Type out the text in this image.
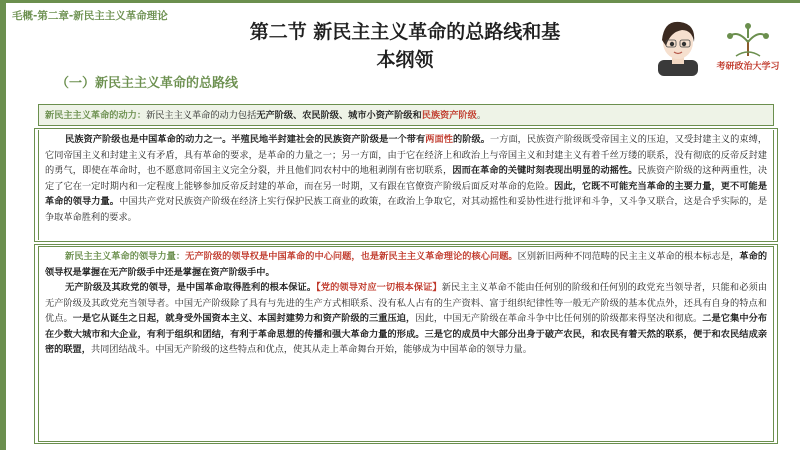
毛概-第二章-新民主主义革命理论
第二节 新民主主义革命的总路线和基
本纲领
（一）新民主主义革命的总路线
考研政治大学习
新民主主义革命的动力：新民主主义革命的动力包括无产阶级、农民阶级、城市小资产阶级和民族资产阶级。
民族资产阶级也是中国革命的动力之一。半殖民地半封建社会的民族资产阶级是一个带有两面性的阶级。一方面，民族资产阶级既受帝国主义的压迫，又受封建主义的束缚，它同帝国主义和封建主义有矛盾，具有革命的要求，是革命的力量之一；另一方面，由于它在经济上和政治上与帝国主义和封建主义有着千丝万缕的联系，没有彻底的反帝反封建的勇气，即使在革命时，也不愿意同帝国主义完全分裂，并且他们同农村中的地租剥削有密切联系，因而在革命的关键时刻表现出明显的动摇性。民族资产阶级的这种两重性，决定了它在一定时期内和一定程度上能够参加反帝反封建的革命，而在另一时期，又有跟在官僚资产阶级后面反对革命的危险。因此，它既不可能充当革命的主要力量，更不可能是革命的领导力量。中国共产党对民族资产阶级在经济上实行保护民族工商业的政策，在政治上争取它，对其动摇性和妥协性进行批评和斗争，又斗争又联合，这是合乎实际的，是争取革命胜利的要求。
新民主主义革命的领导力量：无产阶级的领导权是中国革命的中心问题，也是新民主主义革命理论的核心问题。区别新旧两种不同范畴的民主主义革命的根本标志是，革命的领导权是掌握在无产阶级手中还是掌握在资产阶级手中。
无产阶级及其政党的领导，是中国革命取得胜利的根本保证。【党的领导对应一切根本保证】新民主主义革命不能由任何别的阶级和任何别的政党充当领导者，只能和必须由无产阶级及其政党充当领导者。中国无产阶级除了具有与先进的生产方式相联系、没有私人占有的生产资料、富于组织纪律性等一般无产阶级的基本优点外，还具有自身的特点和优点。一是它从诞生之日起，就身受外国资本主义、本国封建势力和资产阶级的三重压迫，因此，中国无产阶级在革命斗争中比任何别的阶级都来得坚决和彻底。二是它集中分布在少数大城市和大企业，有利于组织和团结，有利于革命思想的传播和强大革命力量的形成。三是它的成员中大部分出身于破产农民，和农民有着天然的联系，便于和农民结成亲密的联盟，共同团结战斗。中国无产阶级的这些特点和优点，使其从走上革命舞台开始，能够成为中国革命的领导力量。
